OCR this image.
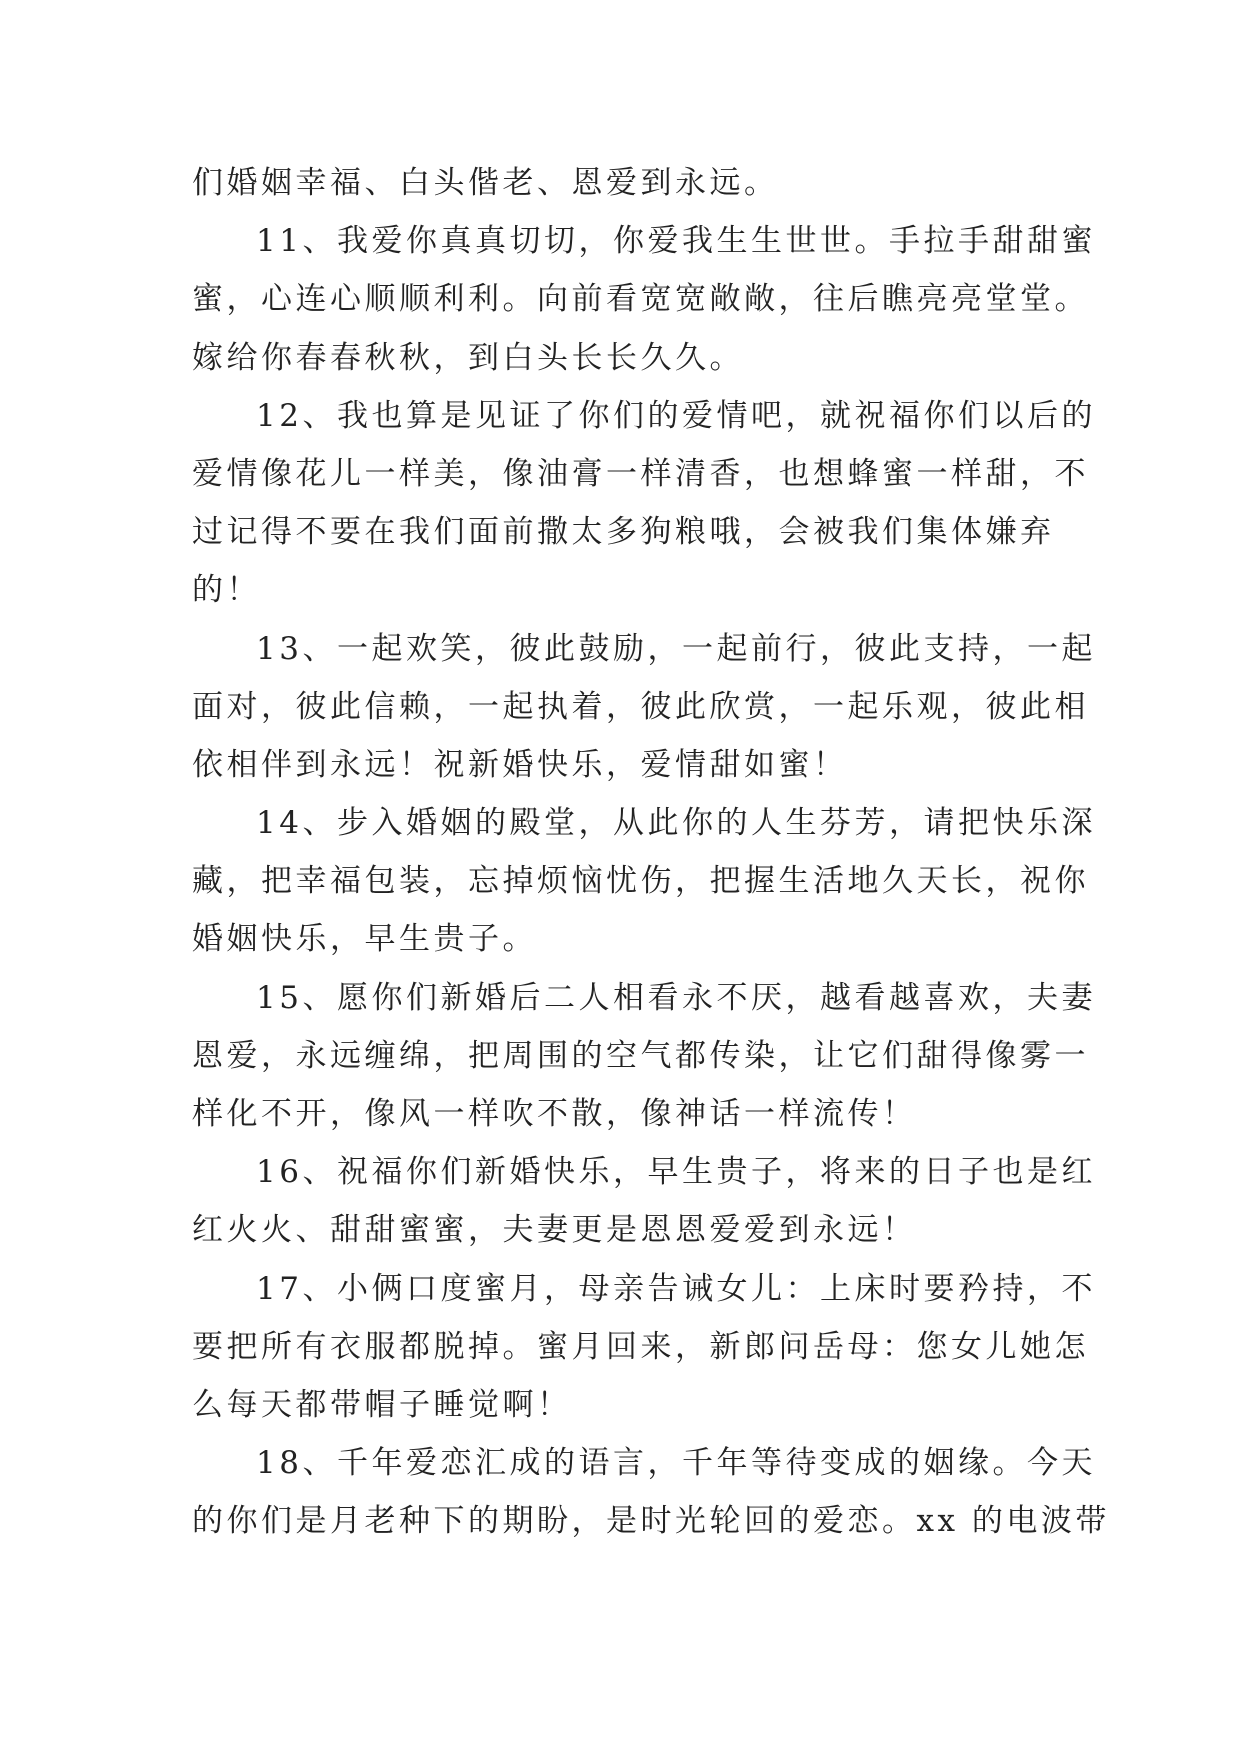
们婚姻幸福、白头偕老、恩爱到永远。
11、我爱你真真切切，你爱我生生世世。手拉手甜甜蜜
蜜，心连心顺顺利利。向前看宽宽敞敞，往后瞧亮亮堂堂。
嫁给你春春秋秋，到白头长长久久。
12、我也算是见证了你们的爱情吧，就祝福你们以后的
爱情像花儿一样美，像油膏一样清香，也想蜂蜜一样甜，不
过记得不要在我们面前撒太多狗粮哦，会被我们集体嫌弃
的！
13、一起欢笑，彼此鼓励，一起前行，彼此支持，一起
面对，彼此信赖，一起执着，彼此欣赏，一起乐观，彼此相
依相伴到永远！祝新婚快乐，爱情甜如蜜！
14、步入婚姻的殿堂，从此你的人生芬芳，请把快乐深
藏，把幸福包装，忘掉烦恼忧伤，把握生活地久天长，祝你
婚姻快乐，早生贵子。
15、愿你们新婚后二人相看永不厌，越看越喜欢，夫妻
恩爱，永远缠绵，把周围的空气都传染，让它们甜得像雾一
样化不开，像风一样吹不散，像神话一样流传！
16、祝福你们新婚快乐，早生贵子，将来的日子也是红
红火火、甜甜蜜蜜，夫妻更是恩恩爱爱到永远！
17、小俩口度蜜月，母亲告诫女儿：上床时要矜持，不
要把所有衣服都脱掉。蜜月回来，新郎问岳母：您女儿她怎
么每天都带帽子睡觉啊！
18、千年爱恋汇成的语言，千年等待变成的姻缘。今天
的你们是月老种下的期盼，是时光轮回的爱恋。xx 的电波带
